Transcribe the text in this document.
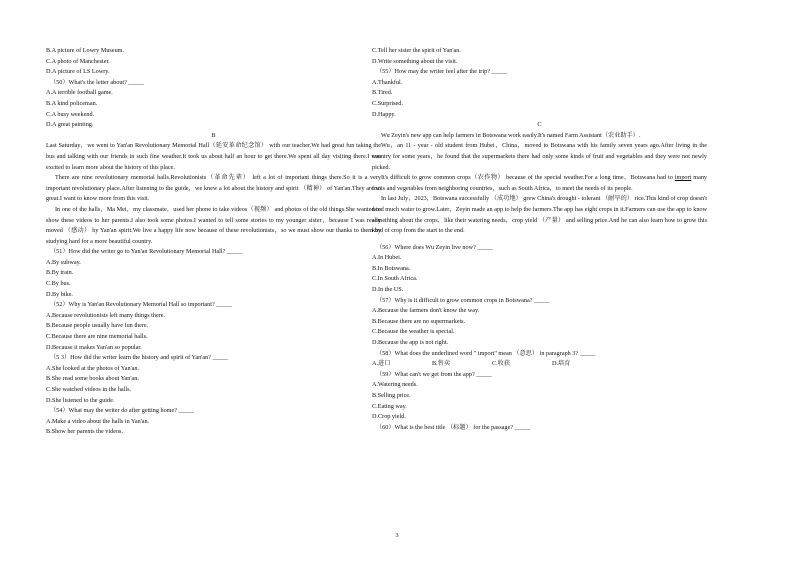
B.A picture of Lowry Museum.
C.A photo of Manchester.
D.A picture of LS Lowry.
（50）What's the letter about? _____
A.A terrible football game.
B.A kind policeman.
C.A busy weekend.
D.A great painting.
B
Last Saturday，we went to Yan'an Revolutionary Memorial Hall（延安革命纪念馆） with our teacher.We had great fun taking the bus and talking with our friends in such fine weather.It took us about half an hour to get there.We spent all day visiting there.I was excited to learn more about the history of this place.
There are nine revolutionary memorial halls.Revolutionists（革命先辈） left a lot of important things there.So it is a very important revolutionary place.After listening to the guide，we knew a lot about the history and spirit （精神） of Yan'an.They are so great.I want to know more from this visit.
In one of the halls，Ma Mei，my classmate，used her phone to take videos（视频） and photos of the old things.She wanted to show these videos to her parents.I also took some photos.I wanted to tell some stories to my younger sister，because I was really moved （感动） by Yan'an spirit.We live a happy life now because of these revolutionists，so we must show our thanks to them by studying hard for a more beautiful country.
（51）How did the writer go to Yan'an Revolutionary Memorial Hall? _____
A.By subway.
B.By train.
C.By bus.
D.By bike.
（52）Why is Yan'an Revolutionary Memorial Hall so important? _____
A.Because revolutionists left many things there.
B.Because people usually have fun there.
C.Because there are nine memorial halls.
D.Because it makes Yan'an so popular.
（5 3）How did the writer learn the history and spirit of Yan'an? _____
A.She looked at the photos of Yan'an.
B.She read some books about Yan'an.
C.She watched videos in the halls.
D.She listened to the guide.
（54）What may the writer do after getting home? _____
A.Make a video about the halls in Yan'an.
B.Show her parents the videos.
C.Tell her sister the spirit of Yan'an.
D.Write something about the visit.
（55）How may the writer feel after the trip? _____
A.Thankful.
B.Tired.
C.Surprised.
D.Happy.
C
Wu Zeyin's new app can help farmers in Botswana work easily.It's named Farm Assistant（农业助手）.
Wu，an 11 - year - old student from Hubei，China，moved to Botswana with his family seven years ago.After living in the country for some years，he found that the supermarkets there had only some kinds of fruit and vegetables and they were not newly picked.
It's difficult to grow common crops（农作物） because of the special weather.For a long time，Botswana had to import many fruits and vegetables from neighboring countries，such as South Africa，to meet the needs of its people.
In last July，2023，Botswana successfully （成功地） grew China's drought - tolerant （耐旱的） rice.This kind of crop doesn't need much water to grow.Later，Zeyin made an app to help the farmers.The app has eight crops in it.Farmers can use the app to know something about the crops，like their watering needs，crop yield （产量） and selling price.And he can also learn how to grow this kind of crop from the start to the end.
（56）Where does Wu Zeyin live now? _____
A.In Hubei.
B.In Botswana.
C.In South Africa.
D.In the US.
（57）Why is it difficult to grow common crops in Botswana? _____
A.Because the farmers don't know the way.
B.Because there are no supermarkets.
C.Because the weather is special.
D.Because the app is not right.
（58）What does the underlined word " import" mean （意思） in paragraph 3? _____
A.进口	B.售卖	C.收获	D.培育
（59）What can't we get from the app? _____
A.Watering needs.
B.Selling price.
C.Eating way.
D.Crop yield.
（60）What is the best title （标题） for the passage? _____
3
